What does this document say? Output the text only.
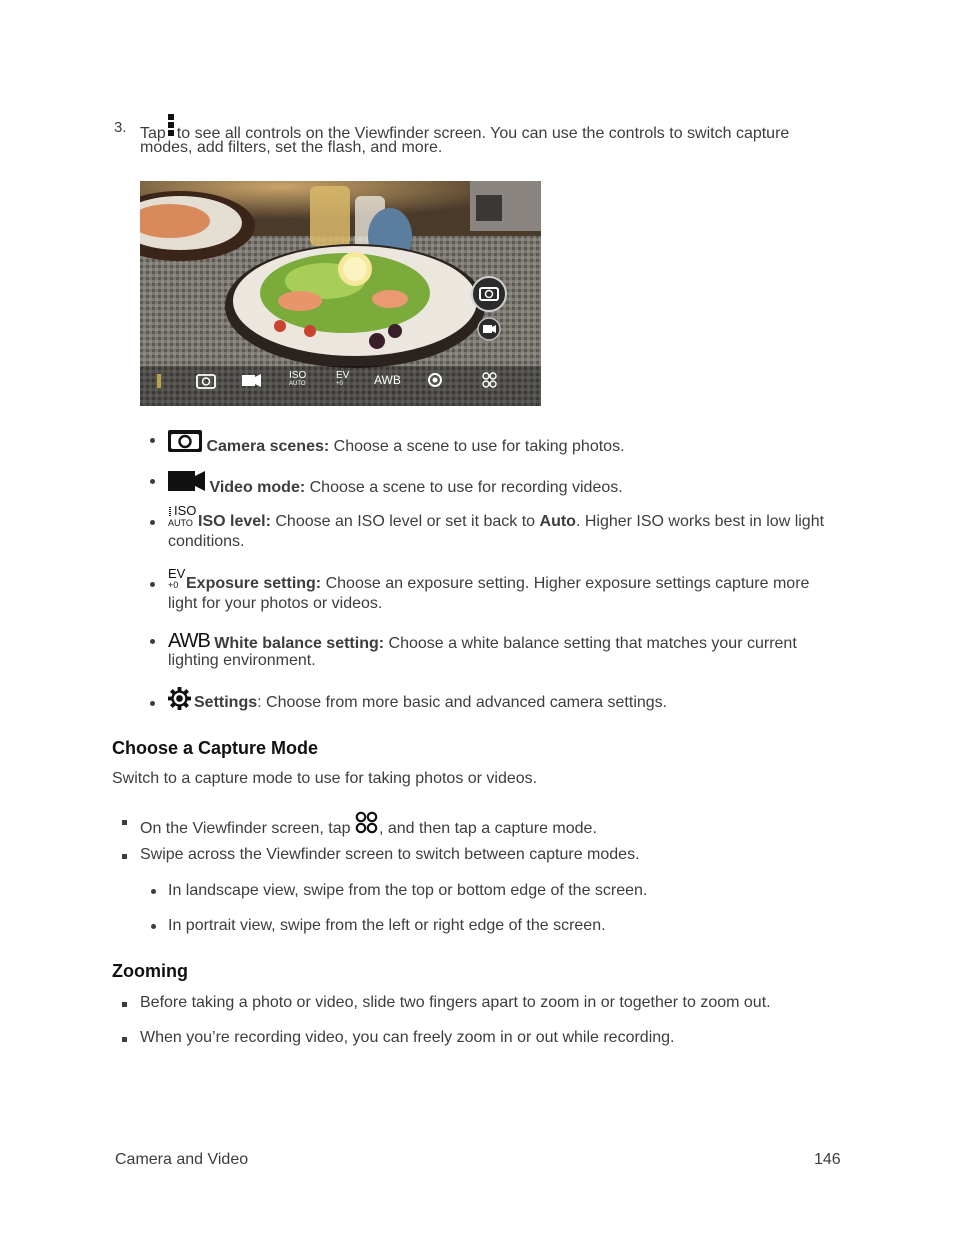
3. Tap to see all controls on the Viewfinder screen. You can use the controls to switch capture
modes, add filters, set the flash, and more.
ISO
AUTO
EV
+0	AWB
Camera scenes: Choose a scene to use for taking photos.
Video mode: Choose a scene to use for recording videos.
ISO
AUTO ISO level: Choose an ISO level or set it back to Auto. Higher ISO works best in low light
conditions.
EV
+0 Exposure setting: Choose an exposure setting. Higher exposure settings capture more
light for your photos or videos.
AWB White balance setting: Choose a white balance setting that matches your current
lighting environment.
Settings: Choose from more basic and advanced camera settings.
Choose a Capture Mode
Switch to a capture mode to use for taking photos or videos.
On the Viewfinder screen, tap , and then tap a capture mode.
Swipe across the Viewfinder screen to switch between capture modes.
In landscape view, swipe from the top or bottom edge of the screen.
In portrait view, swipe from the left or right edge of the screen.
Zooming
Before taking a photo or video, slide two fingers apart to zoom in or together to zoom out.
When you’re recording video, you can freely zoom in or out while recording.
Camera and Video	146
